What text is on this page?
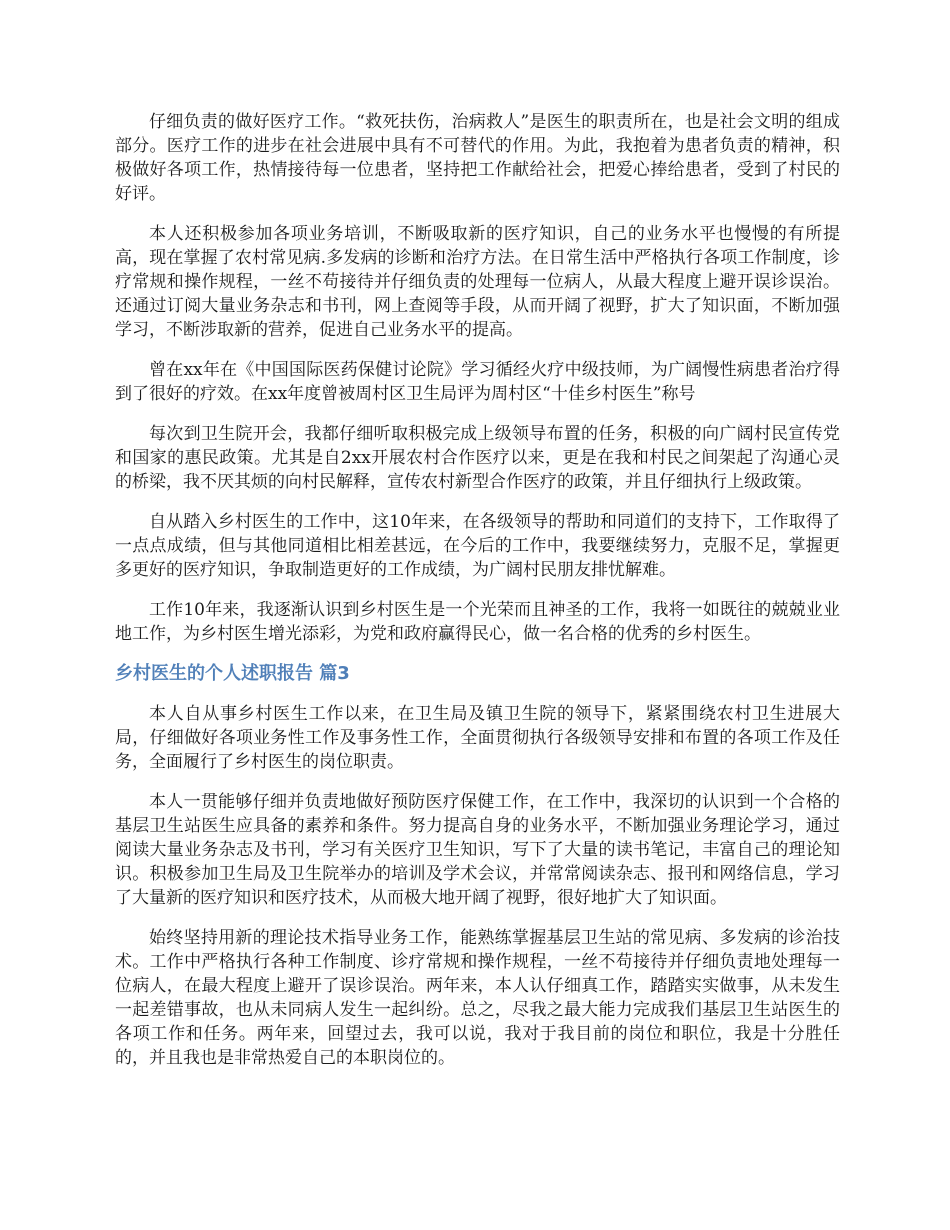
仔细负责的做好医疗工作。“救死扶伤，治病救人”是医生的职责所在，也是社会文明的组成部分。医疗工作的进步在社会进展中具有不可替代的作用。为此，我抱着为患者负责的精神，积极做好各项工作，热情接待每一位患者，坚持把工作献给社会，把爱心捧给患者，受到了村民的好评。

本人还积极参加各项业务培训，不断吸取新的医疗知识，自己的业务水平也慢慢的有所提高，现在掌握了农村常见病.多发病的诊断和治疗方法。在日常生活中严格执行各项工作制度，诊疗常规和操作规程，一丝不苟接待并仔细负责的处理每一位病人，从最大程度上避开误诊误治。还通过订阅大量业务杂志和书刊，网上查阅等手段，从而开阔了视野，扩大了知识面，不断加强学习，不断涉取新的营养，促进自己业务水平的提高。

曾在xx年在《中国国际医药保健讨论院》学习循经火疗中级技师，为广阔慢性病患者治疗得到了很好的疗效。在xx年度曾被周村区卫生局评为周村区“十佳乡村医生”称号

每次到卫生院开会，我都仔细听取积极完成上级领导布置的任务，积极的向广阔村民宣传党和国家的惠民政策。尤其是自2xx开展农村合作医疗以来，更是在我和村民之间架起了沟通心灵的桥梁，我不厌其烦的向村民解释，宣传农村新型合作医疗的政策，并且仔细执行上级政策。

自从踏入乡村医生的工作中，这10年来，在各级领导的帮助和同道们的支持下，工作取得了一点点成绩，但与其他同道相比相差甚远，在今后的工作中，我要继续努力，克服不足，掌握更多更好的医疗知识，争取制造更好的工作成绩，为广阔村民朋友排忧解难。

工作10年来，我逐渐认识到乡村医生是一个光荣而且神圣的工作，我将一如既往的兢兢业业地工作，为乡村医生增光添彩，为党和政府赢得民心，做一名合格的优秀的乡村医生。

乡村医生的个人述职报告 篇3

本人自从事乡村医生工作以来，在卫生局及镇卫生院的领导下，紧紧围绕农村卫生进展大局，仔细做好各项业务性工作及事务性工作，全面贯彻执行各级领导安排和布置的各项工作及任务，全面履行了乡村医生的岗位职责。

本人一贯能够仔细并负责地做好预防医疗保健工作，在工作中，我深切的认识到一个合格的基层卫生站医生应具备的素养和条件。努力提高自身的业务水平，不断加强业务理论学习，通过阅读大量业务杂志及书刊，学习有关医疗卫生知识，写下了大量的读书笔记，丰富自己的理论知识。积极参加卫生局及卫生院举办的培训及学术会议，并常常阅读杂志、报刊和网络信息，学习了大量新的医疗知识和医疗技术，从而极大地开阔了视野，很好地扩大了知识面。

始终坚持用新的理论技术指导业务工作，能熟练掌握基层卫生站的常见病、多发病的诊治技术。工作中严格执行各种工作制度、诊疗常规和操作规程，一丝不苟接待并仔细负责地处理每一位病人，在最大程度上避开了误诊误治。两年来，本人认仔细真工作，踏踏实实做事，从未发生一起差错事故，也从未同病人发生一起纠纷。总之，尽我之最大能力完成我们基层卫生站医生的各项工作和任务。两年来，回望过去，我可以说，我对于我目前的岗位和职位，我是十分胜任的，并且我也是非常热爱自己的本职岗位的。
